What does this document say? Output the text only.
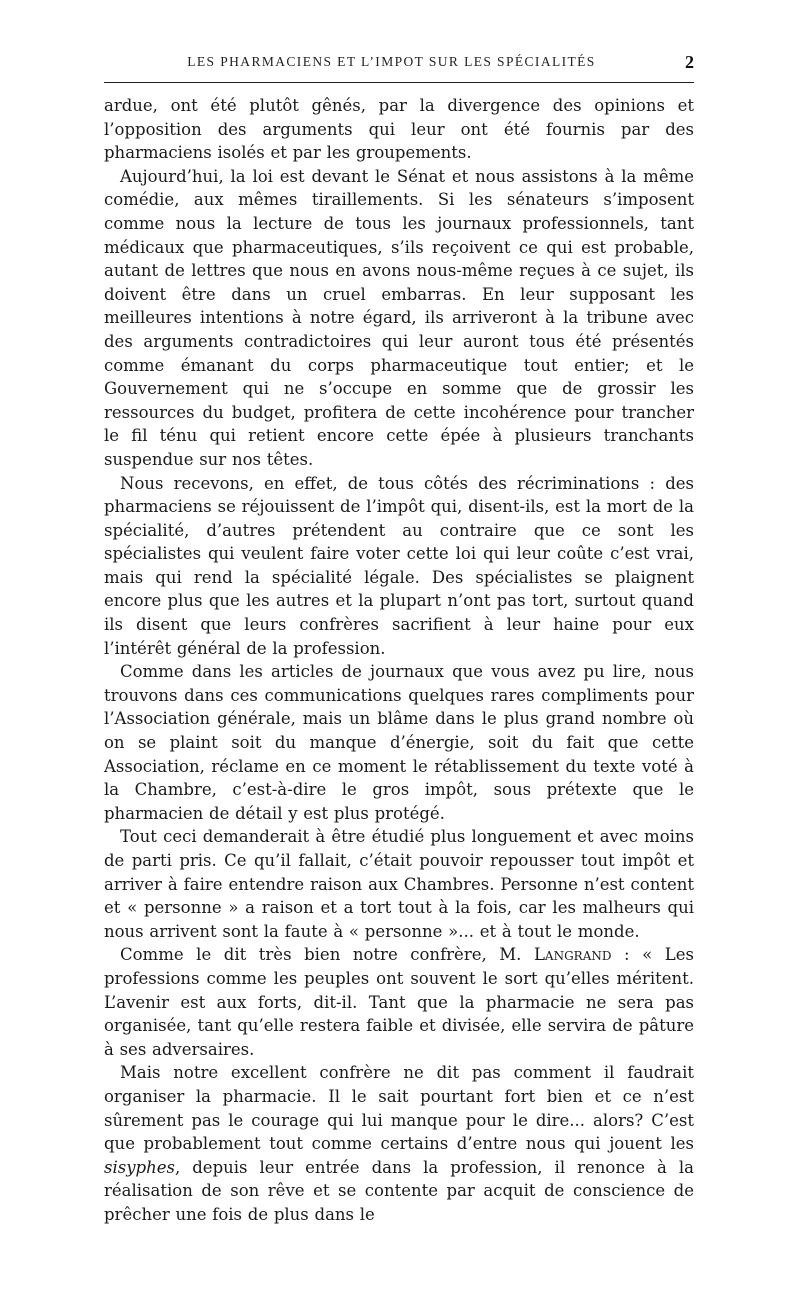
LES PHARMACIENS ET L’IMPOT SUR LES SPÉCIALITÉS	2

ardue, ont été plutôt gênés, par la divergence des opinions et l’opposition des arguments qui leur ont été fournis par des pharmaciens isolés et par les groupements.

Aujourd’hui, la loi est devant le Sénat et nous assistons à la même comédie, aux mêmes tiraillements. Si les sénateurs s’imposent comme nous la lecture de tous les journaux professionnels, tant médicaux que pharmaceutiques, s’ils reçoivent ce qui est probable, autant de lettres que nous en avons nous-même reçues à ce sujet, ils doivent être dans un cruel embarras. En leur supposant les meilleures intentions à notre égard, ils arriveront à la tribune avec des arguments contradictoires qui leur auront tous été présentés comme émanant du corps pharmaceutique tout entier; et le Gouvernement qui ne s’occupe en somme que de grossir les ressources du budget, profitera de cette incohérence pour trancher le fil ténu qui retient encore cette épée à plusieurs tranchants suspendue sur nos têtes.

Nous recevons, en effet, de tous côtés des récriminations : des pharmaciens se réjouissent de l’impôt qui, disent-ils, est la mort de la spécialité, d’autres prétendent au contraire que ce sont les spécialistes qui veulent faire voter cette loi qui leur coûte c’est vrai, mais qui rend la spécialité légale. Des spécialistes se plaignent encore plus que les autres et la plupart n’ont pas tort, surtout quand ils disent que leurs confrères sacrifient à leur haine pour eux l’intérêt général de la profession.

Comme dans les articles de journaux que vous avez pu lire, nous trouvons dans ces communications quelques rares compliments pour l’Association générale, mais un blâme dans le plus grand nombre où on se plaint soit du manque d’énergie, soit du fait que cette Association, réclame en ce moment le rétablissement du texte voté à la Chambre, c’est-à-dire le gros impôt, sous prétexte que le pharmacien de détail y est plus protégé.

Tout ceci demanderait à être étudié plus longuement et avec moins de parti pris. Ce qu’il fallait, c’était pouvoir repousser tout impôt et arriver à faire entendre raison aux Chambres. Personne n’est content et « personne » a raison et a tort tout à la fois, car les malheurs qui nous arrivent sont la faute à « personne »... et à tout le monde.

Comme le dit très bien notre confrère, M. Langrand : « Les professions comme les peuples ont souvent le sort qu’elles méritent. L’avenir est aux forts, dit-il. Tant que la pharmacie ne sera pas organisée, tant qu’elle restera faible et divisée, elle servira de pâture à ses adversaires.

Mais notre excellent confrère ne dit pas comment il faudrait organiser la pharmacie. Il le sait pourtant fort bien et ce n’est sûrement pas le courage qui lui manque pour le dire... alors? C’est que probablement tout comme certains d’entre nous qui jouent les sisyphes, depuis leur entrée dans la profession, il renonce à la réalisation de son rêve et se contente par acquit de conscience de prêcher une fois de plus dans le
